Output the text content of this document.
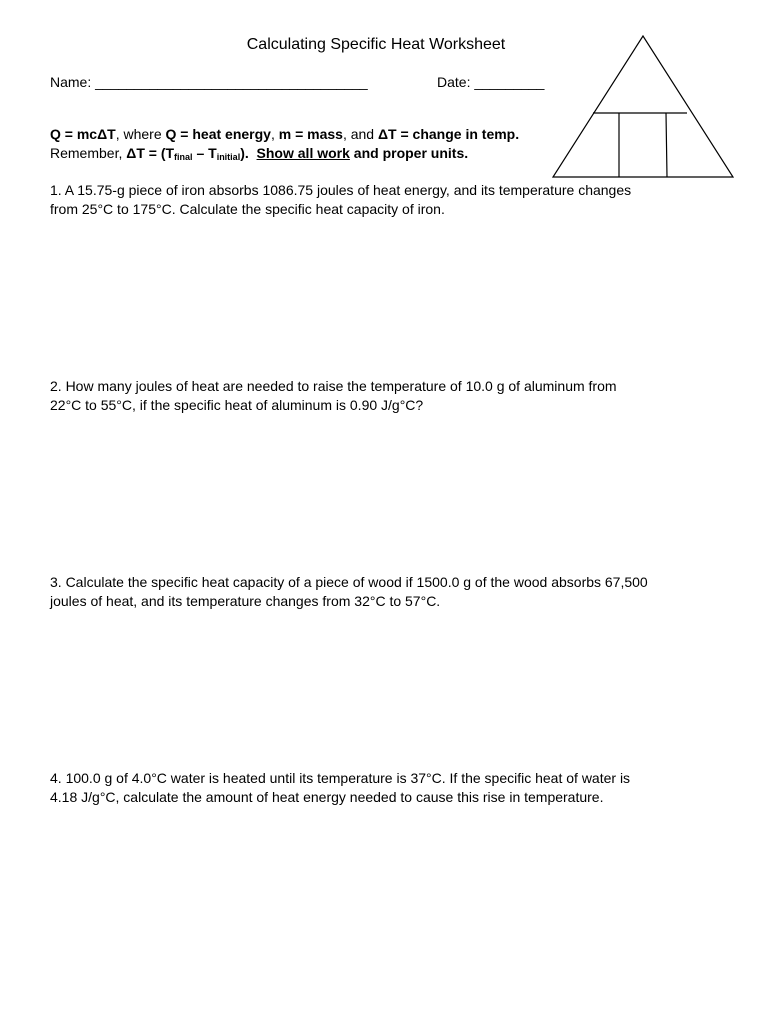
Calculating Specific Heat Worksheet
Name: ___________________________________	Date: _________
Q = mcΔT, where Q = heat energy, m = mass, and ΔT = change in temp.
Remember, $\Delta T = (T_{final} - T_{initial})$. Show all work and proper units.

1. A 15.75-g piece of iron absorbs 1086.75 joules of heat energy, and its temperature changes

from 25°C to 175°C. Calculate the specific heat capacity of iron.

2. How many joules of heat are needed to raise the temperature of 10.0 g of aluminum from

22°C to 55°C, if the specific heat of aluminum is 0.90 J/g°C?

3. Calculate the specific heat capacity of a piece of wood if 1500.0 g of the wood absorbs 67,500

joules of heat, and its temperature changes from 32°C to 57°C.

4. 100.0 g of 4.0°C water is heated until its temperature is 37°C. If the specific heat of water is

4.18 J/g°C, calculate the amount of heat energy needed to cause this rise in temperature.
